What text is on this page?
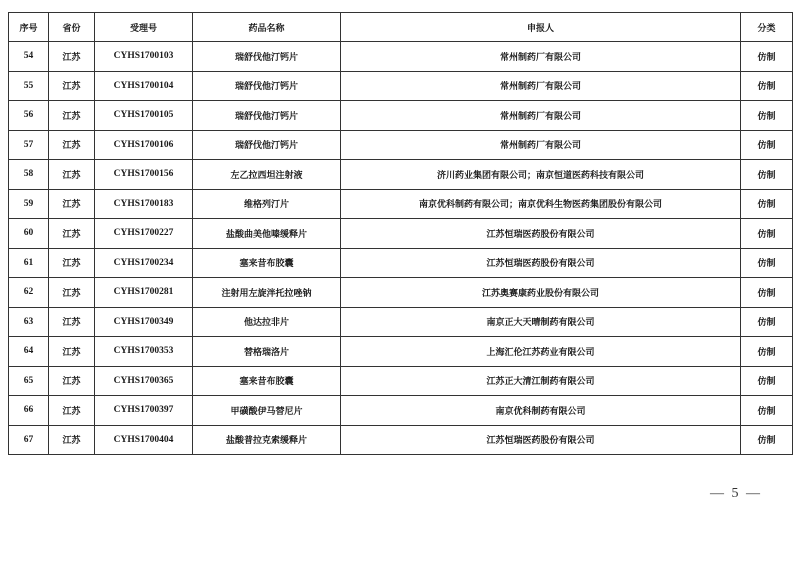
序号	省份	受理号	药品名称	申报人	分类
54	江苏	CYHS1700103	瑞舒伐他汀钙片	常州制药厂有限公司	仿制
55	江苏	CYHS1700104	瑞舒伐他汀钙片	常州制药厂有限公司	仿制
56	江苏	CYHS1700105	瑞舒伐他汀钙片	常州制药厂有限公司	仿制
57	江苏	CYHS1700106	瑞舒伐他汀钙片	常州制药厂有限公司	仿制
58	江苏	CYHS1700156	左乙拉西坦注射液	济川药业集团有限公司；南京恒道医药科技有限公司	仿制
59	江苏	CYHS1700183	维格列汀片	南京优科制药有限公司；南京优科生物医药集团股份有限公司	仿制
60	江苏	CYHS1700227	盐酸曲美他嗪缓释片	江苏恒瑞医药股份有限公司	仿制
61	江苏	CYHS1700234	塞来昔布胶囊	江苏恒瑞医药股份有限公司	仿制
62	江苏	CYHS1700281	注射用左旋泮托拉唑钠	江苏奥赛康药业股份有限公司	仿制
63	江苏	CYHS1700349	他达拉非片	南京正大天晴制药有限公司	仿制
64	江苏	CYHS1700353	替格瑞洛片	上海汇伦江苏药业有限公司	仿制
65	江苏	CYHS1700365	塞来昔布胶囊	江苏正大清江制药有限公司	仿制
66	江苏	CYHS1700397	甲磺酸伊马替尼片	南京优科制药有限公司	仿制
67	江苏	CYHS1700404	盐酸普拉克索缓释片	江苏恒瑞医药股份有限公司	仿制
— 5 —
